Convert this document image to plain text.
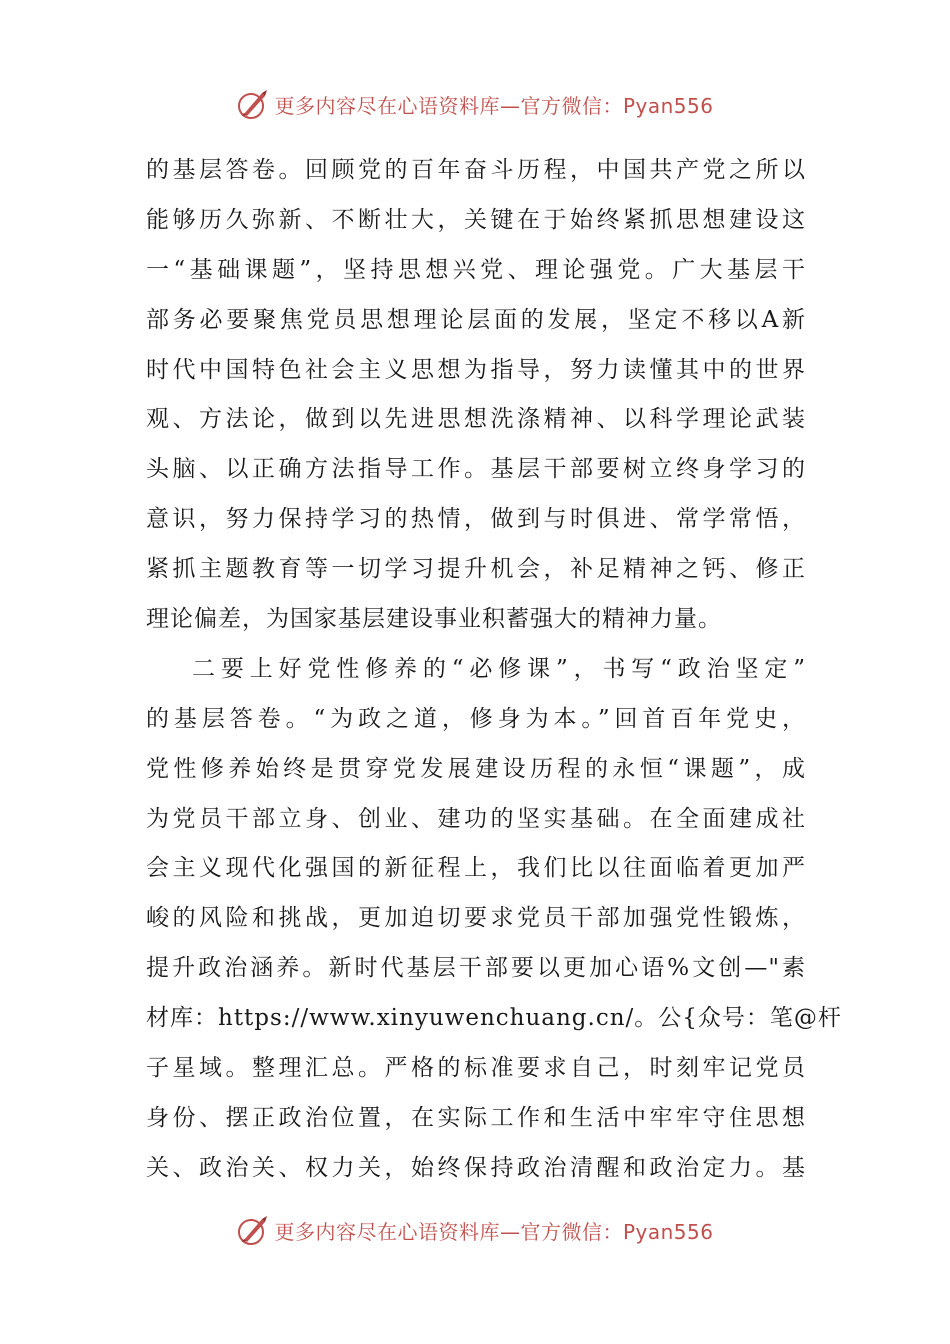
更多内容尽在心语资料库—官方微信：Pyan556
的基层答卷。回顾党的百年奋斗历程，中国共产党之所以
能够历久弥新、不断壮大，关键在于始终紧抓思想建设这
一“基础课题”，坚持思想兴党、理论强党。广大基层干
部务必要聚焦党员思想理论层面的发展，坚定不移以A新
时代中国特色社会主义思想为指导，努力读懂其中的世界
观、方法论，做到以先进思想洗涤精神、以科学理论武装
头脑、以正确方法指导工作。基层干部要树立终身学习的
意识，努力保持学习的热情，做到与时俱进、常学常悟，
紧抓主题教育等一切学习提升机会，补足精神之钙、修正
理论偏差，为国家基层建设事业积蓄强大的精神力量。
二要上好党性修养的“必修课”，书写“政治坚定”
的基层答卷。“为政之道，修身为本。”回首百年党史，
党性修养始终是贯穿党发展建设历程的永恒“课题”，成
为党员干部立身、创业、建功的坚实基础。在全面建成社
会主义现代化强国的新征程上，我们比以往面临着更加严
峻的风险和挑战，更加迫切要求党员干部加强党性锻炼，
提升政治涵养。新时代基层干部要以更加心语%文创—"素
材库：https://www.xinyuwenchuang.cn/。公{众号：笔@杆
子星域。整理汇总。严格的标准要求自己，时刻牢记党员
身份、摆正政治位置，在实际工作和生活中牢牢守住思想
关、政治关、权力关，始终保持政治清醒和政治定力。基
更多内容尽在心语资料库—官方微信：Pyan556
